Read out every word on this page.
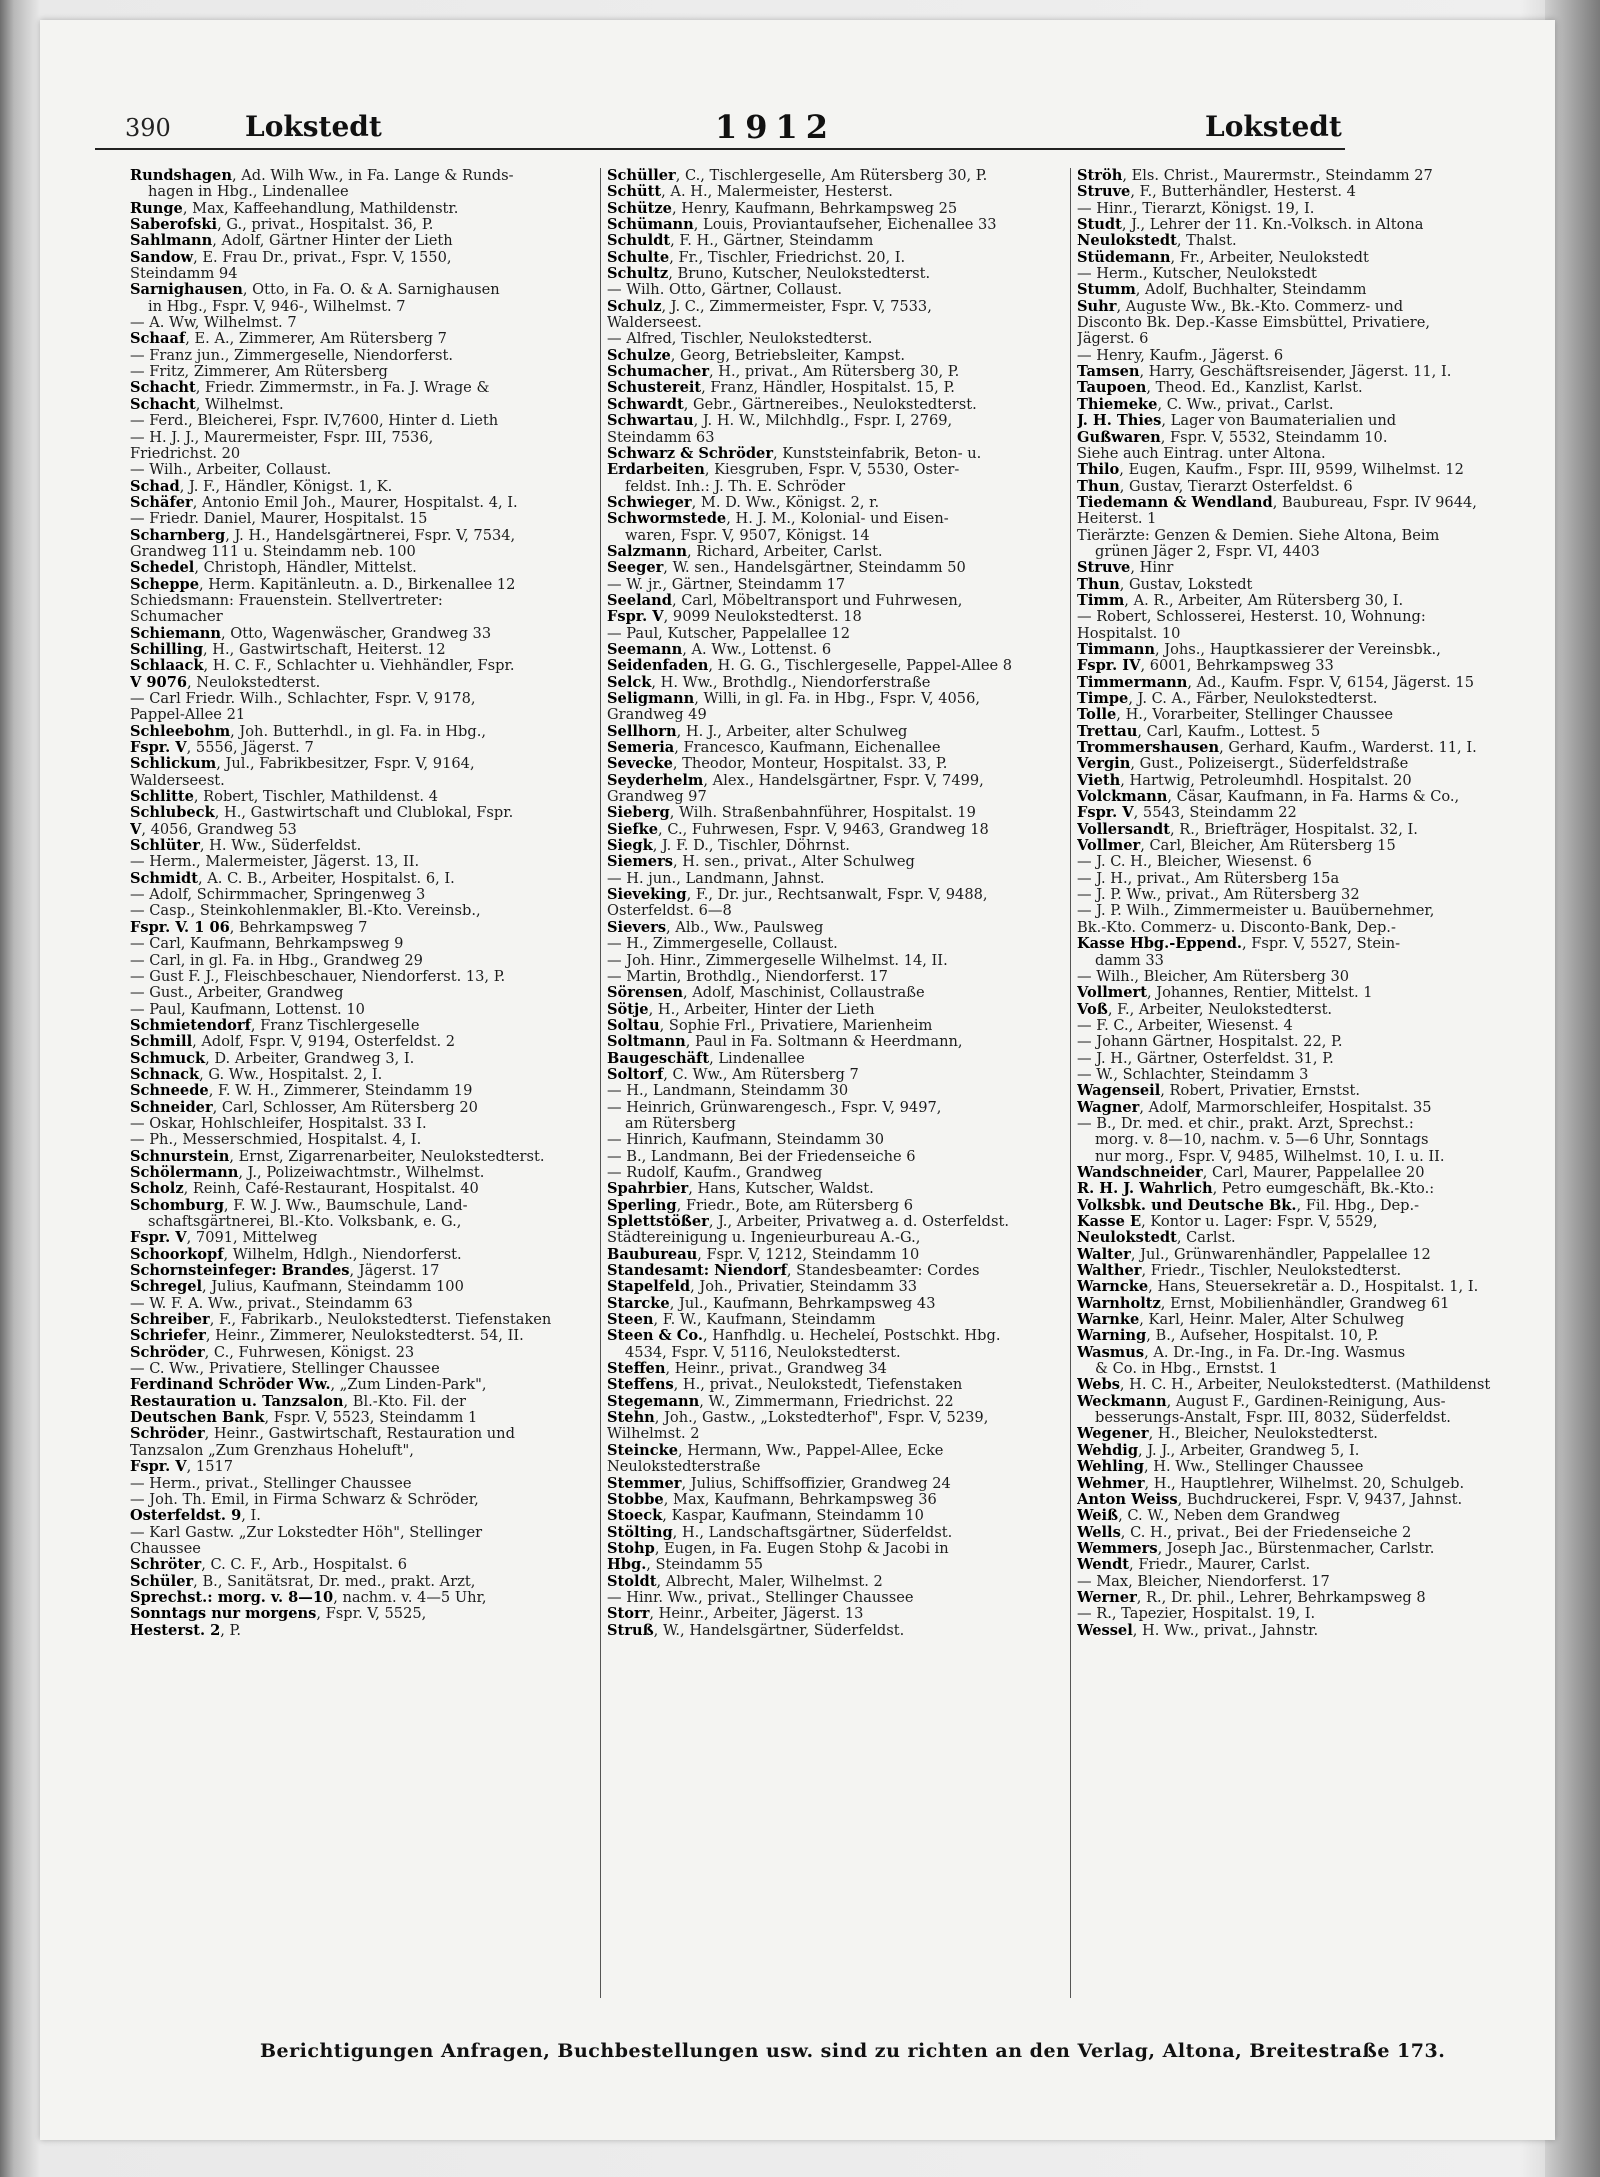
390	Lokstedt	1912	Lokstedt

Rundshagen, Ad. Wilh Ww., in Fa. Lange & Runds-

hagen in Hbg., Lindenallee

Runge, Max, Kaffeehandlung, Mathildenstr.

Saberofski, G., privat., Hospitalst. 36, P.

Sahlmann, Adolf, Gärtner Hinter der Lieth

Sandow, E. Frau Dr., privat., Fspr. V, 1550,

Steindamm 94

Sarnighausen, Otto, in Fa. O. & A. Sarnighausen

in Hbg., Fspr. V, 946-, Wilhelmst. 7

— A. Ww, Wilhelmst. 7

Schaaf, E. A., Zimmerer, Am Rütersberg 7

— Franz jun., Zimmergeselle, Niendorferst.

— Fritz, Zimmerer, Am Rütersberg

Schacht, Friedr. Zimmermstr., in Fa. J. Wrage &

Schacht, Wilhelmst.

— Ferd., Bleicherei, Fspr. IV,7600, Hinter d. Lieth

— H. J. J., Maurermeister, Fspr. III, 7536,

Friedrichst. 20

— Wilh., Arbeiter, Collaust.

Schad, J. F., Händler, Königst. 1, K.

Schäfer, Antonio Emil Joh., Maurer, Hospitalst. 4, I.

— Friedr. Daniel, Maurer, Hospitalst. 15

Scharnberg, J. H., Handelsgärtnerei, Fspr. V, 7534,

Grandweg 111 u. Steindamm neb. 100

Schedel, Christoph, Händler, Mittelst.

Scheppe, Herm. Kapitänleutn. a. D., Birkenallee 12

Schiedsmann: Frauenstein. Stellvertreter:

Schumacher

Schiemann, Otto, Wagenwäscher, Grandweg 33

Schilling, H., Gastwirtschaft, Heiterst. 12

Schlaack, H. C. F., Schlachter u. Viehhändler, Fspr.

V 9076, Neulokstedterst.

— Carl Friedr. Wilh., Schlachter, Fspr. V, 9178,

Pappel-Allee 21

Schleebohm, Joh. Butterhdl., in gl. Fa. in Hbg.,

Fspr. V, 5556, Jägerst. 7

Schlickum, Jul., Fabrikbesitzer, Fspr. V, 9164,

Walderseest.

Schlitte, Robert, Tischler, Mathildenst. 4

Schlubeck, H., Gastwirtschaft und Clublokal, Fspr.

V, 4056, Grandweg 53

Schlüter, H. Ww., Süderfeldst.

— Herm., Malermeister, Jägerst. 13, II.

Schmidt, A. C. B., Arbeiter, Hospitalst. 6, I.

— Adolf, Schirmmacher, Springenweg 3

— Casp., Steinkohlenmakler, Bl.-Kto. Vereinsb.,

Fspr. V. 1 06, Behrkampsweg 7

— Carl, Kaufmann, Behrkampsweg 9

— Carl, in gl. Fa. in Hbg., Grandweg 29

— Gust F. J., Fleischbeschauer, Niendorferst. 13, P.

— Gust., Arbeiter, Grandweg

— Paul, Kaufmann, Lottenst. 10

Schmietendorf, Franz Tischlergeselle

Schmill, Adolf, Fspr. V, 9194, Osterfeldst. 2

Schmuck, D. Arbeiter, Grandweg 3, I.

Schnack, G. Ww., Hospitalst. 2, I.

Schneede, F. W. H., Zimmerer, Steindamm 19

Schneider, Carl, Schlosser, Am Rütersberg 20

— Oskar, Hohlschleifer, Hospitalst. 33 I.

— Ph., Messerschmied, Hospitalst. 4, I.

Schnurstein, Ernst, Zigarrenarbeiter, Neulokstedterst.

Schölermann, J., Polizeiwachtmstr., Wilhelmst.

Scholz, Reinh, Café-Restaurant, Hospitalst. 40

Schomburg, F. W. J. Ww., Baumschule, Land-

schaftsgärtnerei, Bl.-Kto. Volksbank, e. G.,

Fspr. V, 7091, Mittelweg

Schoorkopf, Wilhelm, Hdlgh., Niendorferst.

Schornsteinfeger: Brandes, Jägerst. 17

Schregel, Julius, Kaufmann, Steindamm 100

— W. F. A. Ww., privat., Steindamm 63

Schreiber, F., Fabrikarb., Neulokstedterst. Tiefenstaken

Schriefer, Heinr., Zimmerer, Neulokstedterst. 54, II.

Schröder, C., Fuhrwesen, Königst. 23

— C. Ww., Privatiere, Stellinger Chaussee

Ferdinand Schröder Ww., „Zum Linden-Park",

Restauration u. Tanzsalon, Bl.-Kto. Fil. der

Deutschen Bank, Fspr. V, 5523, Steindamm 1

Schröder, Heinr., Gastwirtschaft, Restauration und

Tanzsalon „Zum Grenzhaus Hoheluft",

Fspr. V, 1517

— Herm., privat., Stellinger Chaussee

— Joh. Th. Emil, in Firma Schwarz & Schröder,

Osterfeldst. 9, I.

— Karl Gastw. „Zur Lokstedter Höh", Stellinger

Chaussee

Schröter, C. C. F., Arb., Hospitalst. 6

Schüler, B., Sanitätsrat, Dr. med., prakt. Arzt,

Sprechst.: morg. v. 8—10, nachm. v. 4—5 Uhr,

Sonntags nur morgens, Fspr. V, 5525,

Hesterst. 2, P.

Schüller, C., Tischlergeselle, Am Rütersberg 30, P.

Schütt, A. H., Malermeister, Hesterst.

Schütze, Henry, Kaufmann, Behrkampsweg 25

Schümann, Louis, Proviantaufseher, Eichenallee 33

Schuldt, F. H., Gärtner, Steindamm

Schulte, Fr., Tischler, Friedrichst. 20, I.

Schultz, Bruno, Kutscher, Neulokstedterst.

— Wilh. Otto, Gärtner, Collaust.

Schulz, J. C., Zimmermeister, Fspr. V, 7533,

Walderseest.

— Alfred, Tischler, Neulokstedterst.

Schulze, Georg, Betriebsleiter, Kampst.

Schumacher, H., privat., Am Rütersberg 30, P.

Schustereit, Franz, Händler, Hospitalst. 15, P.

Schwardt, Gebr., Gärtnereibes., Neulokstedterst.

Schwartau, J. H. W., Milchhdlg., Fspr. I, 2769,

Steindamm 63

Schwarz & Schröder, Kunststeinfabrik, Beton- u.

Erdarbeiten, Kiesgruben, Fspr. V, 5530, Oster-

feldst. Inh.: J. Th. E. Schröder

Schwieger, M. D. Ww., Königst. 2, r.

Schwormstede, H. J. M., Kolonial- und Eisen-

waren, Fspr. V, 9507, Königst. 14

Salzmann, Richard, Arbeiter, Carlst.

Seeger, W. sen., Handelsgärtner, Steindamm 50

— W. jr., Gärtner, Steindamm 17

Seeland, Carl, Möbeltransport und Fuhrwesen,

Fspr. V, 9099 Neulokstedterst. 18

— Paul, Kutscher, Pappelallee 12

Seemann, A. Ww., Lottenst. 6

Seidenfaden, H. G. G., Tischlergeselle, Pappel-Allee 8

Selck, H. Ww., Brothdlg., Niendorferstraße

Seligmann, Willi, in gl. Fa. in Hbg., Fspr. V, 4056,

Grandweg 49

Sellhorn, H. J., Arbeiter, alter Schulweg

Semeria, Francesco, Kaufmann, Eichenallee

Sevecke, Theodor, Monteur, Hospitalst. 33, P.

Seyderhelm, Alex., Handelsgärtner, Fspr. V, 7499,

Grandweg 97

Sieberg, Wilh. Straßenbahnführer, Hospitalst. 19

Siefke, C., Fuhrwesen, Fspr. V, 9463, Grandweg 18

Siegk, J. F. D., Tischler, Döhrnst.

Siemers, H. sen., privat., Alter Schulweg

— H. jun., Landmann, Jahnst.

Sieveking, F., Dr. jur., Rechtsanwalt, Fspr. V, 9488,

Osterfeldst. 6—8

Sievers, Alb., Ww., Paulsweg

— H., Zimmergeselle, Collaust.

— Joh. Hinr., Zimmergeselle Wilhelmst. 14, II.

— Martin, Brothdlg., Niendorferst. 17

Sörensen, Adolf, Maschinist, Collaustraße

Sötje, H., Arbeiter, Hinter der Lieth

Soltau, Sophie Frl., Privatiere, Marienheim

Soltmann, Paul in Fa. Soltmann & Heerdmann,

Baugeschäft, Lindenallee

Soltorf, C. Ww., Am Rütersberg 7

— H., Landmann, Steindamm 30

— Heinrich, Grünwarengesch., Fspr. V, 9497,

am Rütersberg

— Hinrich, Kaufmann, Steindamm 30

— B., Landmann, Bei der Friedenseiche 6

— Rudolf, Kaufm., Grandweg

Spahrbier, Hans, Kutscher, Waldst.

Sperling, Friedr., Bote, am Rütersberg 6

Splettstößer, J., Arbeiter, Privatweg a. d. Osterfeldst.

Städtereinigung u. Ingenieurbureau A.-G.,

Baubureau, Fspr. V, 1212, Steindamm 10

Standesamt: Niendorf, Standesbeamter: Cordes

Stapelfeld, Joh., Privatier, Steindamm 33

Starcke, Jul., Kaufmann, Behrkampsweg 43

Steen, F. W., Kaufmann, Steindamm

Steen & Co., Hanfhdlg. u. Hecheleí, Postschkt. Hbg.

4534, Fspr. V, 5116, Neulokstedterst.

Steffen, Heinr., privat., Grandweg 34

Steffens, H., privat., Neulokstedt, Tiefenstaken

Stegemann, W., Zimmermann, Friedrichst. 22

Stehn, Joh., Gastw., „Lokstedterhof", Fspr. V, 5239,

Wilhelmst. 2

Steincke, Hermann, Ww., Pappel-Allee, Ecke

Neulokstedterstraße

Stemmer, Julius, Schiffsoffizier, Grandweg 24

Stobbe, Max, Kaufmann, Behrkampsweg 36

Stoeck, Kaspar, Kaufmann, Steindamm 10

Stölting, H., Landschaftsgärtner, Süderfeldst.

Stohp, Eugen, in Fa. Eugen Stohp & Jacobi in

Hbg., Steindamm 55

Stoldt, Albrecht, Maler, Wilhelmst. 2

— Hinr. Ww., privat., Stellinger Chaussee

Storr, Heinr., Arbeiter, Jägerst. 13

Struß, W., Handelsgärtner, Süderfeldst.

Ströh, Els. Christ., Maurermstr., Steindamm 27

Struve, F., Butterhändler, Hesterst. 4

— Hinr., Tierarzt, Königst. 19, I.

Studt, J., Lehrer der 11. Kn.-Volksch. in Altona

Neulokstedt, Thalst.

Stüdemann, Fr., Arbeiter, Neulokstedt

— Herm., Kutscher, Neulokstedt

Stumm, Adolf, Buchhalter, Steindamm

Suhr, Auguste Ww., Bk.-Kto. Commerz- und

Disconto Bk. Dep.-Kasse Eimsbüttel, Privatiere,

Jägerst. 6

— Henry, Kaufm., Jägerst. 6

Tamsen, Harry, Geschäftsreisender, Jägerst. 11, I.

Taupoen, Theod. Ed., Kanzlist, Karlst.

Thiemeke, C. Ww., privat., Carlst.

J. H. Thies, Lager von Baumaterialien und

Gußwaren, Fspr. V, 5532, Steindamm 10.

Siehe auch Eintrag. unter Altona.

Thilo, Eugen, Kaufm., Fspr. III, 9599, Wilhelmst. 12

Thun, Gustav, Tierarzt Osterfeldst. 6

Tiedemann & Wendland, Baubureau, Fspr. IV 9644,

Heiterst. 1

Tierärzte: Genzen & Demien. Siehe Altona, Beim

grünen Jäger 2, Fspr. VI, 4403

Struve, Hinr

Thun, Gustav, Lokstedt

Timm, A. R., Arbeiter, Am Rütersberg 30, I.

— Robert, Schlosserei, Hesterst. 10, Wohnung:

Hospitalst. 10

Timmann, Johs., Hauptkassierer der Vereinsbk.,

Fspr. IV, 6001, Behrkampsweg 33

Timmermann, Ad., Kaufm. Fspr. V, 6154, Jägerst. 15

Timpe, J. C. A., Färber, Neulokstedterst.

Tolle, H., Vorarbeiter, Stellinger Chaussee

Trettau, Carl, Kaufm., Lottest. 5

Trommershausen, Gerhard, Kaufm., Warderst. 11, I.

Vergin, Gust., Polizeisergt., Süderfeldstraße

Vieth, Hartwig, Petroleumhdl. Hospitalst. 20

Volckmann, Cäsar, Kaufmann, in Fa. Harms & Co.,

Fspr. V, 5543, Steindamm 22

Vollersandt, R., Briefträger, Hospitalst. 32, I.

Vollmer, Carl, Bleicher, Am Rütersberg 15

— J. C. H., Bleicher, Wiesenst. 6

— J. H., privat., Am Rütersberg 15a

— J. P. Ww., privat., Am Rütersberg 32

— J. P. Wilh., Zimmermeister u. Bauübernehmer,

Bk.-Kto. Commerz- u. Disconto-Bank, Dep.-

Kasse Hbg.-Eppend., Fspr. V, 5527, Stein-

damm 33

— Wilh., Bleicher, Am Rütersberg 30

Vollmert, Johannes, Rentier, Mittelst. 1

Voß, F., Arbeiter, Neulokstedterst.

— F. C., Arbeiter, Wiesenst. 4

— Johann Gärtner, Hospitalst. 22, P.

— J. H., Gärtner, Osterfeldst. 31, P.

— W., Schlachter, Steindamm 3

Wagenseil, Robert, Privatier, Ernstst.

Wagner, Adolf, Marmorschleifer, Hospitalst. 35

— B., Dr. med. et chir., prakt. Arzt, Sprechst.:

morg. v. 8—10, nachm. v. 5—6 Uhr, Sonntags

nur morg., Fspr. V, 9485, Wilhelmst. 10, I. u. II.

Wandschneider, Carl, Maurer, Pappelallee 20

R. H. J. Wahrlich, Petro eumgeschäft, Bk.-Kto.:

Volksbk. und Deutsche Bk., Fil. Hbg., Dep.-

Kasse E, Kontor u. Lager: Fspr. V, 5529,

Neulokstedt, Carlst.

Walter, Jul., Grünwarenhändler, Pappelallee 12

Walther, Friedr., Tischler, Neulokstedterst.

Warncke, Hans, Steuersekretär a. D., Hospitalst. 1, I.

Warnholtz, Ernst, Mobilienhändler, Grandweg 61

Warnke, Karl, Heinr. Maler, Alter Schulweg

Warning, B., Aufseher, Hospitalst. 10, P.

Wasmus, A. Dr.-Ing., in Fa. Dr.-Ing. Wasmus

& Co. in Hbg., Ernstst. 1

Webs, H. C. H., Arbeiter, Neulokstedterst. (Mathildenst

Weckmann, August F., Gardinen-Reinigung, Aus-

besserungs-Anstalt, Fspr. III, 8032, Süderfeldst.

Wegener, H., Bleicher, Neulokstedterst.

Wehdig, J. J., Arbeiter, Grandweg 5, I.

Wehling, H. Ww., Stellinger Chaussee

Wehmer, H., Hauptlehrer, Wilhelmst. 20, Schulgeb.

Anton Weiss, Buchdruckerei, Fspr. V, 9437, Jahnst.

Weiß, C. W., Neben dem Grandweg

Wells, C. H., privat., Bei der Friedenseiche 2

Wemmers, Joseph Jac., Bürstenmacher, Carlstr.

Wendt, Friedr., Maurer, Carlst.

— Max, Bleicher, Niendorferst. 17

Werner, R., Dr. phil., Lehrer, Behrkampsweg 8

— R., Tapezier, Hospitalst. 19, I.

Wessel, H. Ww., privat., Jahnstr.

Berichtigungen Anfragen, Buchbestellungen usw. sind zu richten an den Verlag, Altona, Breitestraße 173.
